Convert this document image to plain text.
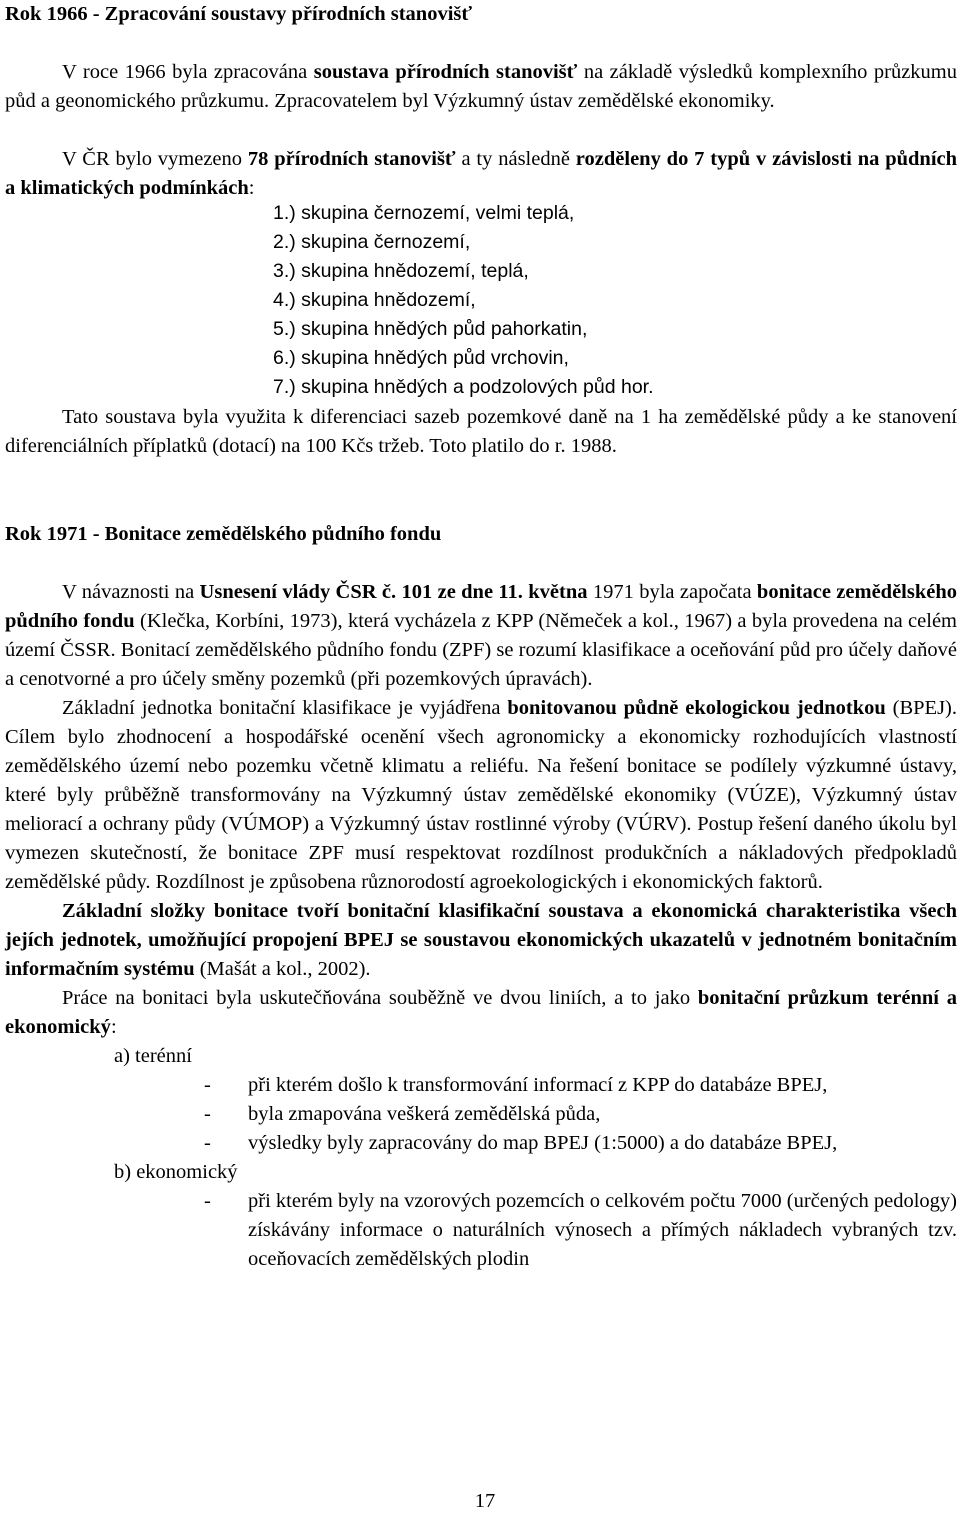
Rok 1966 - Zpracování soustavy přírodních stanovišť

V roce 1966 byla zpracována soustava přírodních stanovišť na základě výsledků komplexního průzkumu půd a geonomického průzkumu. Zpracovatelem byl Výzkumný ústav zemědělské ekonomiky.

V ČR bylo vymezeno 78 přírodních stanovišť a ty následně rozděleny do 7 typů v závislosti na půdních a klimatických podmínkách:

1.) skupina černozemí, velmi teplá,
2.) skupina černozemí,
3.) skupina hnědozemí, teplá,
4.) skupina hnědozemí,
5.) skupina hnědých půd pahorkatin,
6.) skupina hnědých půd vrchovin,
7.) skupina hnědých a podzolových půd hor.

Tato soustava byla využita k diferenciaci sazeb pozemkové daně na 1 ha zemědělské půdy a ke stanovení diferenciálních příplatků (dotací) na 100 Kčs tržeb. Toto platilo do r. 1988.

Rok 1971 - Bonitace zemědělského půdního fondu

V návaznosti na Usnesení vlády ČSR č. 101 ze dne 11. května 1971 byla započata bonitace zemědělského půdního fondu (Klečka, Korbíni, 1973), která vycházela z KPP (Němeček a kol., 1967) a byla provedena na celém území ČSSR. Bonitací zemědělského půdního fondu (ZPF) se rozumí klasifikace a oceňování půd pro účely daňové a cenotvorné a pro účely směny pozemků (při pozemkových úpravách).

Základní jednotka bonitační klasifikace je vyjádřena bonitovanou půdně ekologickou jednotkou (BPEJ). Cílem bylo zhodnocení a hospodářské ocenění všech agronomicky a ekonomicky rozhodujících vlastností zemědělského území nebo pozemku včetně klimatu a reliéfu. Na řešení bonitace se podílely výzkumné ústavy, které byly průběžně transformovány na Výzkumný ústav zemědělské ekonomiky (VÚZE), Výzkumný ústav meliorací a ochrany půdy (VÚMOP) a Výzkumný ústav rostlinné výroby (VÚRV). Postup řešení daného úkolu byl vymezen skutečností, že bonitace ZPF musí respektovat rozdílnost produkčních a nákladových předpokladů zemědělské půdy. Rozdílnost je způsobena různorodostí agroekologických i ekonomických faktorů.

Základní složky bonitace tvoří bonitační klasifikační soustava a ekonomická charakteristika všech jejích jednotek, umožňující propojení BPEJ se soustavou ekonomických ukazatelů v jednotném bonitačním informačním systému (Mašát a kol., 2002).

Práce na bonitaci byla uskutečňována souběžně ve dvou liniích, a to jako bonitační průzkum terénní a ekonomický:

a) terénní
-	při kterém došlo k transformování informací z KPP do databáze BPEJ,
-	byla zmapována veškerá zemědělská půda,
-	výsledky byly zapracovány do map BPEJ (1:5000) a do databáze BPEJ,
b) ekonomický
-	při kterém byly na vzorových pozemcích o celkovém počtu 7000 (určených pedology) získávány informace o naturálních výnosech a přímých nákladech vybraných tzv. oceňovacích zemědělských plodin
17
